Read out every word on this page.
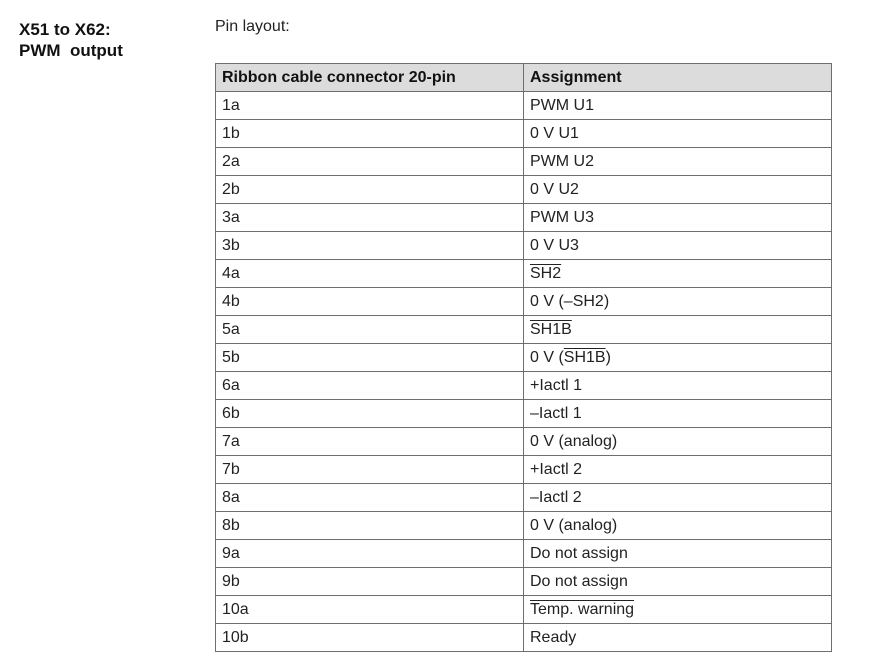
X51 to X62:
PWM  output
Pin layout:
Ribbon cable connector 20-pin	Assignment
1a	PWM U1
1b	0 V U1
2a	PWM U2
2b	0 V U2
3a	PWM U3
3b	0 V U3
4a	SH2
4b	0 V (–SH2)
5a	SH1B
5b	0 V (SH1B)
6a	+Iactl 1
6b	–Iactl 1
7a	0 V (analog)
7b	+Iactl 2
8a	–Iactl 2
8b	0 V (analog)
9a	Do not assign
9b	Do not assign
10a	Temp. warning
10b	Ready
